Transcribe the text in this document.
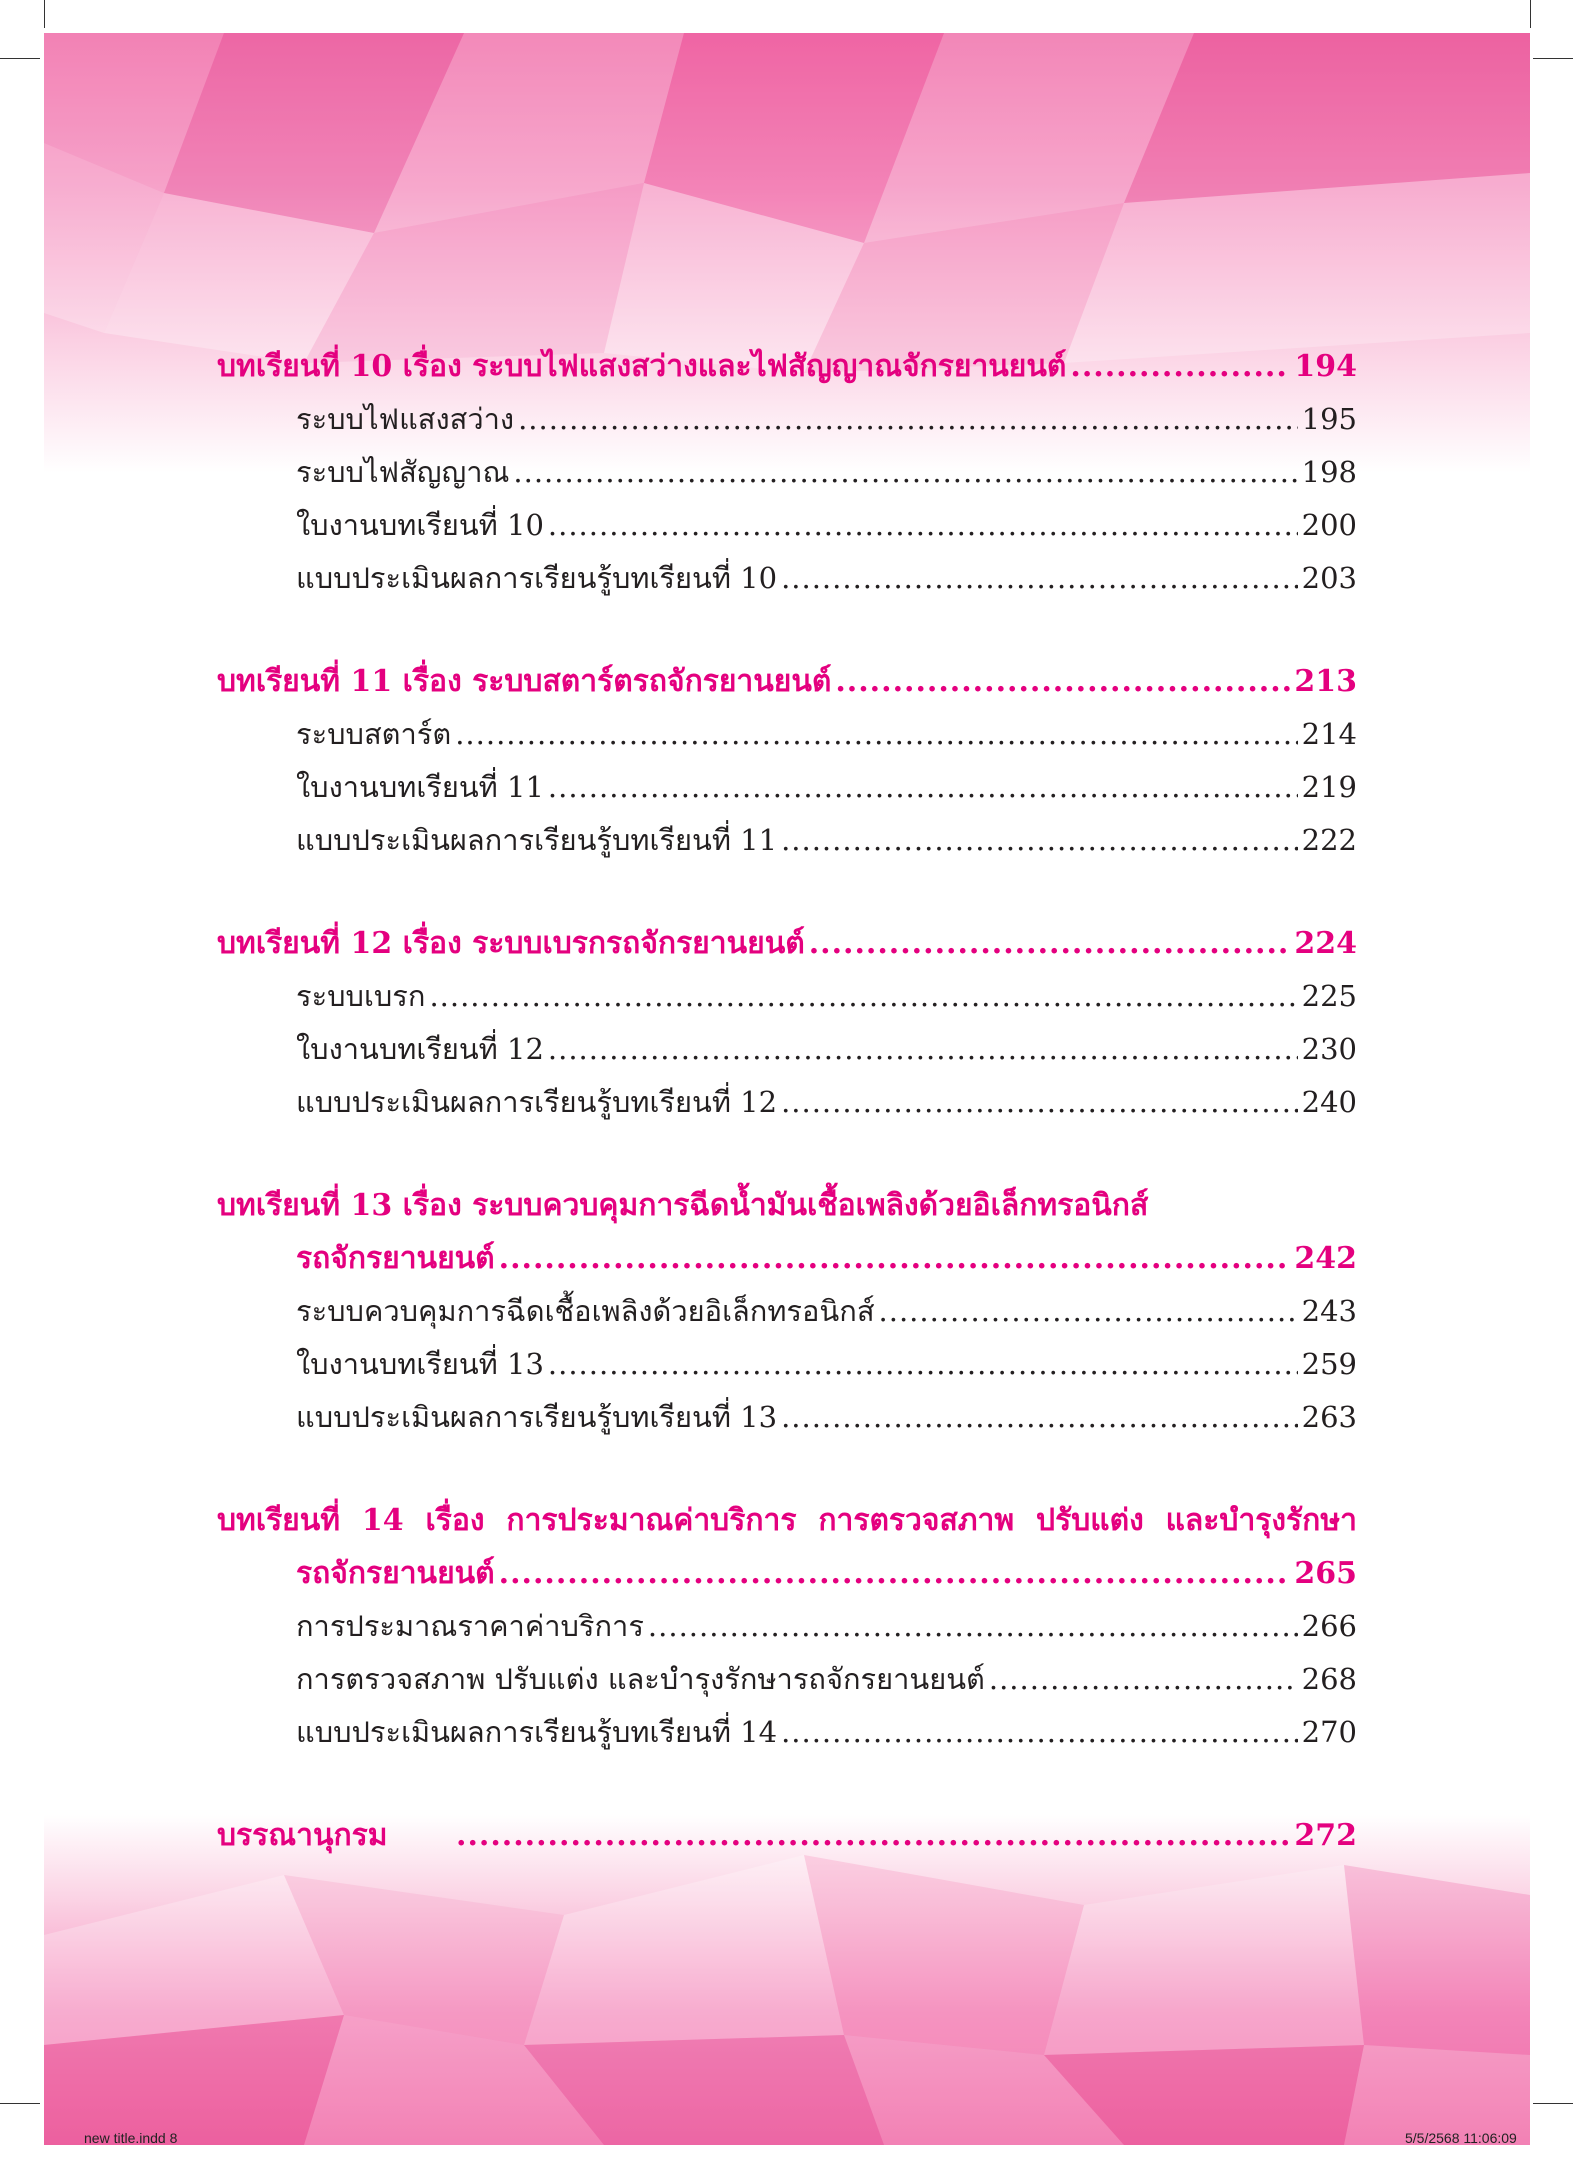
บทเรียนที่ 10 เรื่อง ระบบไฟแสงสว่างและไฟสัญญาณจักรยานยนต์ .....	194
ระบบไฟแสงสว่าง .....	195
ระบบไฟสัญญาณ .....	198
ใบงานบทเรียนที่ 10 .....	200
แบบประเมินผลการเรียนรู้บทเรียนที่ 10 .....	203
บทเรียนที่ 11 เรื่อง ระบบสตาร์ตรถจักรยานยนต์ .....	213
ระบบสตาร์ต .....	214
ใบงานบทเรียนที่ 11 .....	219
แบบประเมินผลการเรียนรู้บทเรียนที่ 11 .....	222
บทเรียนที่ 12 เรื่อง ระบบเบรกรถจักรยานยนต์ .....	224
ระบบเบรก .....	225
ใบงานบทเรียนที่ 12 .....	230
แบบประเมินผลการเรียนรู้บทเรียนที่ 12 .....	240
บทเรียนที่ 13 เรื่อง ระบบควบคุมการฉีดน้ำมันเชื้อเพลิงด้วยอิเล็กทรอนิกส์
รถจักรยานยนต์ .....	242
ระบบควบคุมการฉีดเชื้อเพลิงด้วยอิเล็กทรอนิกส์ .....	243
ใบงานบทเรียนที่ 13 .....	259
แบบประเมินผลการเรียนรู้บทเรียนที่ 13 .....	263
บทเรียนที่ 14 เรื่อง การประมาณค่าบริการ การตรวจสภาพ ปรับแต่ง และบำรุงรักษา
รถจักรยานยนต์ .....	265
การประมาณราคาค่าบริการ .....	266
การตรวจสภาพ ปรับแต่ง และบำรุงรักษารถจักรยานยนต์ .....	268
แบบประเมินผลการเรียนรู้บทเรียนที่ 14 .....	270
บรรณานุกรม .....	272
new title.indd 8	5/5/2568 11:06:09
